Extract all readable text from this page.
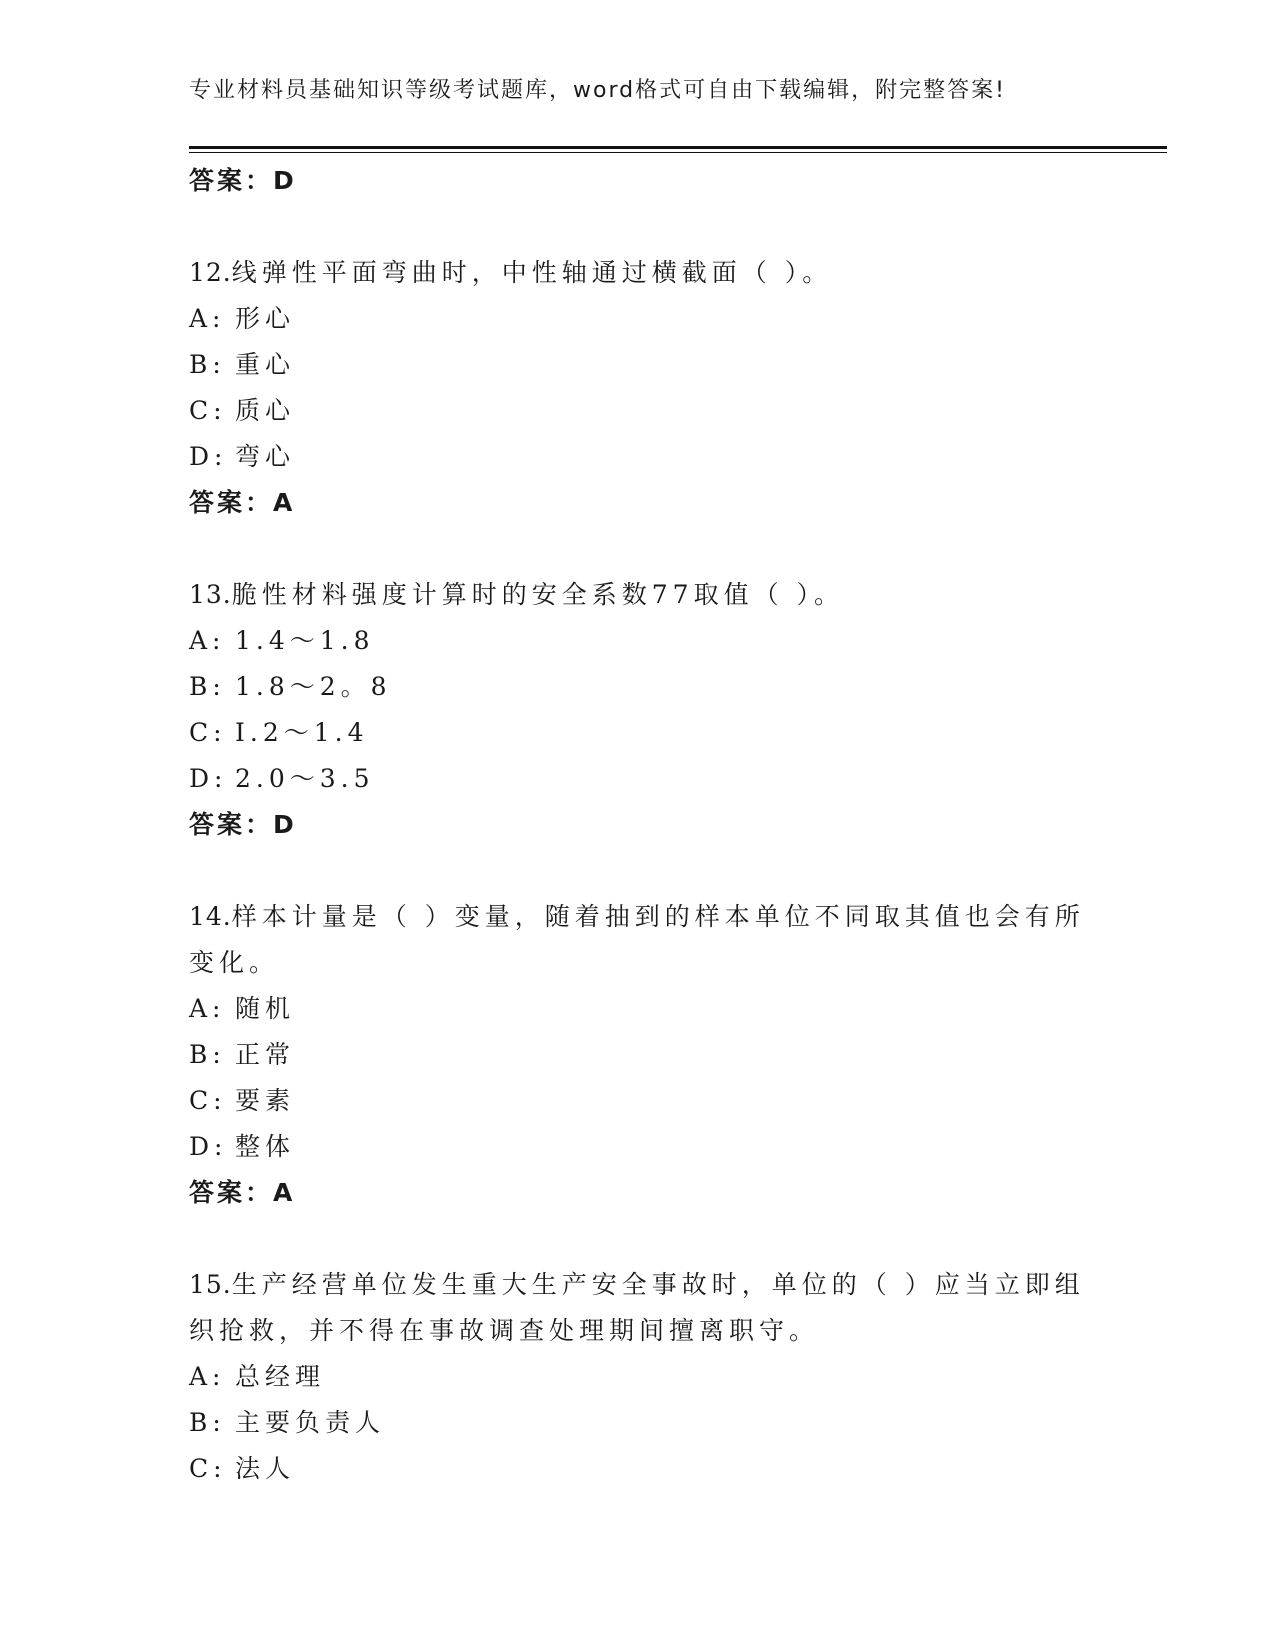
专业材料员基础知识等级考试题库，word格式可自由下载编辑，附完整答案!
答案：D
12.线弹性平面弯曲时，中性轴通过横截面（ ）。
A: 形心
B: 重心
C: 质心
D: 弯心
答案：A
13.脆性材料强度计算时的安全系数77取值（ ）。
A: 1.4～1.8
B: 1.8～2。8
C: I.2～1.4
D: 2.0～3.5
答案：D
14.样本计量是（ ）变量，随着抽到的样本单位不同取其值也会有所
变化。
A: 随机
B: 正常
C: 要素
D: 整体
答案：A
15.生产经营单位发生重大生产安全事故时，单位的（ ）应当立即组
织抢救，并不得在事故调查处理期间擅离职守。
A: 总经理
B: 主要负责人
C: 法人
